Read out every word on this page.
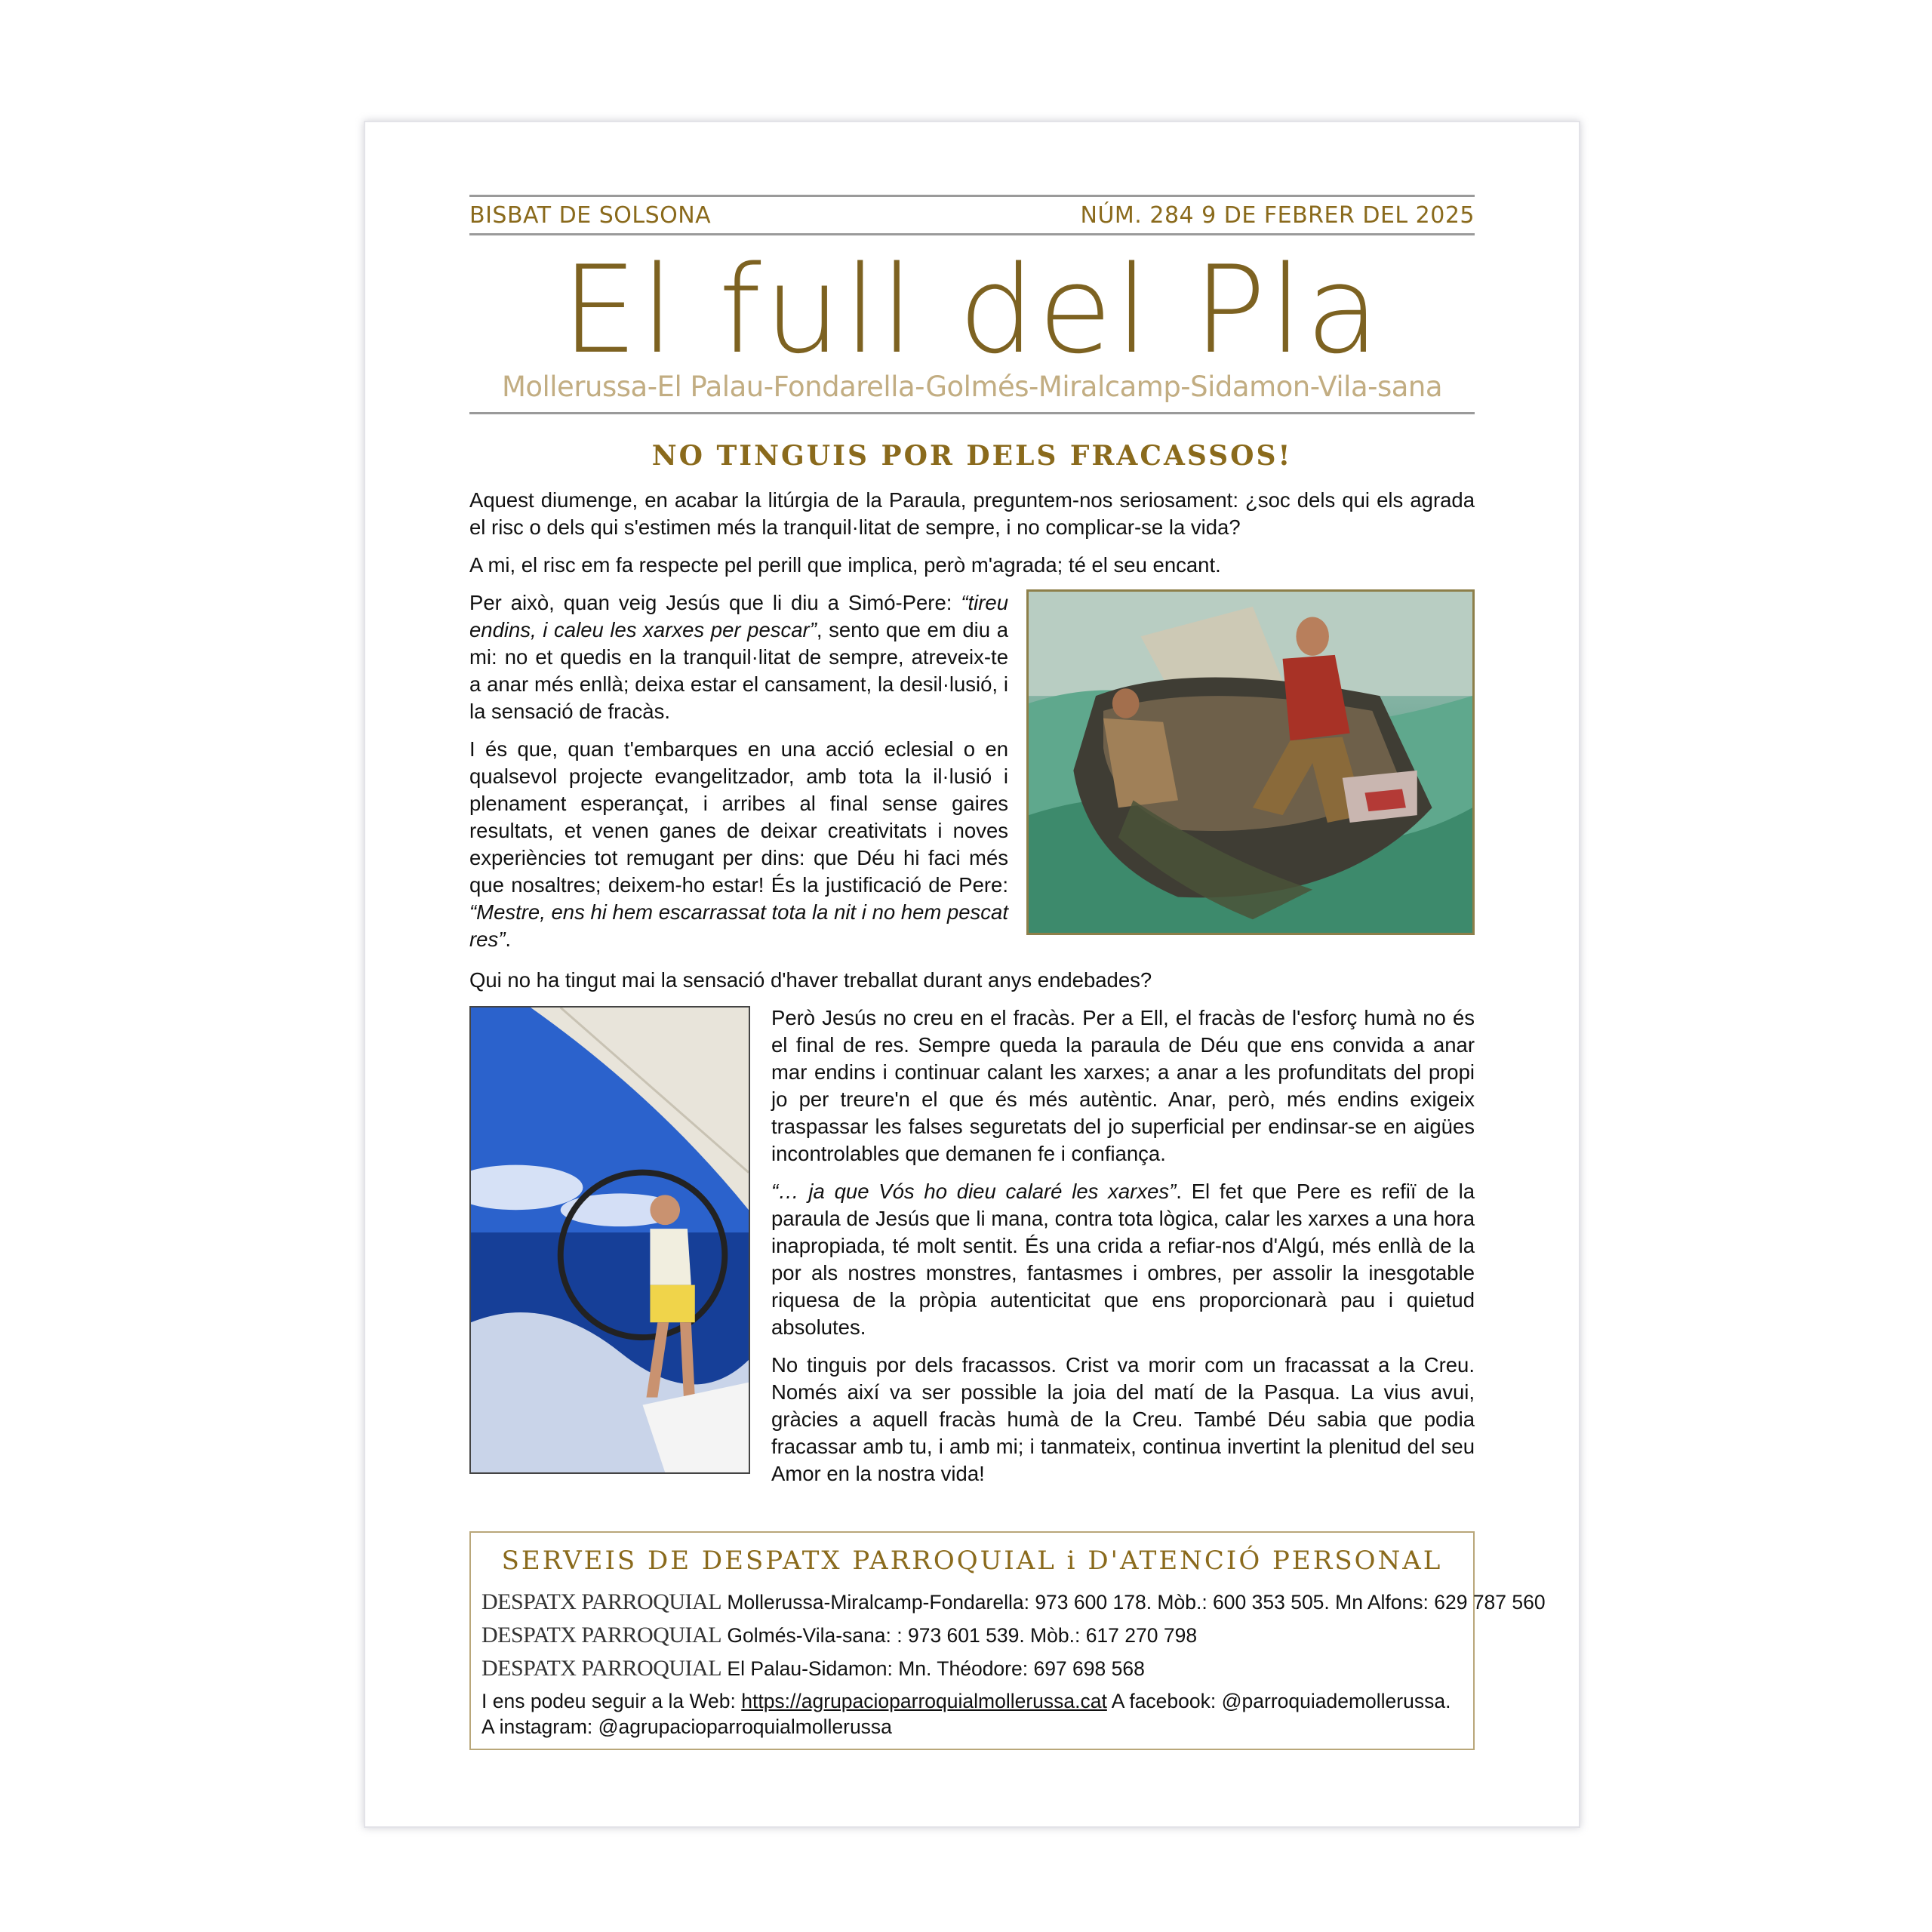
BISBAT DE SOLSONA	NÚM. 284 9 DE FEBRER DEL 2025
El full del Pla
Mollerussa-El Palau-Fondarella-Golmés-Miralcamp-Sidamon-Vila-sana
NO TINGUIS POR DELS FRACASSOS!

Aquest diumenge, en acabar la litúrgia de la Paraula, preguntem-nos seriosament: ¿soc dels qui els agrada el risc o dels qui s'estimen més la tranquil·litat de sempre, i no complicar-se la vida?

A mi, el risc em fa respecte pel perill que implica, però m'agrada; té el seu encant.

Per això, quan veig Jesús que li diu a Simó-Pere: “tireu endins, i caleu les xarxes per pescar”, sento que em diu a mi: no et quedis en la tranquil·litat de sempre, atreveix-te a anar més enllà; deixa estar el cansament, la desil·lusió, i la sensació de fracàs.

I és que, quan t'embarques en una acció eclesial o en qualsevol projecte evangelitzador, amb tota la il·lusió i plenament esperançat, i arribes al final sense gaires resultats, et venen ganes de deixar creativitats i noves experiències tot remugant per dins: que Déu hi faci més que nosaltres; deixem-ho estar! És la justificació de Pere: “Mestre, ens hi hem escarrassat tota la nit i no hem pescat res”.

Qui no ha tingut mai la sensació d'haver treballat durant anys endebades?

Però Jesús no creu en el fracàs. Per a Ell, el fracàs de l'esforç humà no és el final de res. Sempre queda la paraula de Déu que ens convida a anar mar endins i continuar calant les xarxes; a anar a les profunditats del propi jo per treure'n el que és més autèntic. Anar, però, més endins exigeix traspassar les falses seguretats del jo superficial per endinsar-se en aigües incontrolables que demanen fe i confiança.

“… ja que Vós ho dieu calaré les xarxes”. El fet que Pere es refiï de la paraula de Jesús que li mana, contra tota lògica, calar les xarxes a una hora inapropiada, té molt sentit. És una crida a refiar-nos d'Algú, més enllà de la por als nostres monstres, fantasmes i ombres, per assolir la inesgotable riquesa de la pròpia autenticitat que ens proporcionarà pau i quietud absolutes.

No tinguis por dels fracassos. Crist va morir com un fracassat a la Creu. Només així va ser possible la joia del matí de la Pasqua. La vius avui, gràcies a aquell fracàs humà de la Creu. També Déu sabia que podia fracassar amb tu, i amb mi; i tanmateix, continua invertint la plenitud del seu Amor en la nostra vida!

SERVEIS DE DESPATX PARROQUIAL i D'ATENCIÓ PERSONAL
DESPATX PARROQUIAL Mollerussa-Miralcamp-Fondarella: 973 600 178. Mòb.: 600 353 505. Mn Alfons: 629 787 560
DESPATX PARROQUIAL Golmés-Vila-sana: : 973 601 539. Mòb.: 617 270 798
DESPATX PARROQUIAL El Palau-Sidamon: Mn. Théodore: 697 698 568
I ens podeu seguir a la Web: https://agrupacioparroquialmollerussa.cat A facebook: @parroquiademollerussa.
A instagram: @agrupacioparroquialmollerussa
